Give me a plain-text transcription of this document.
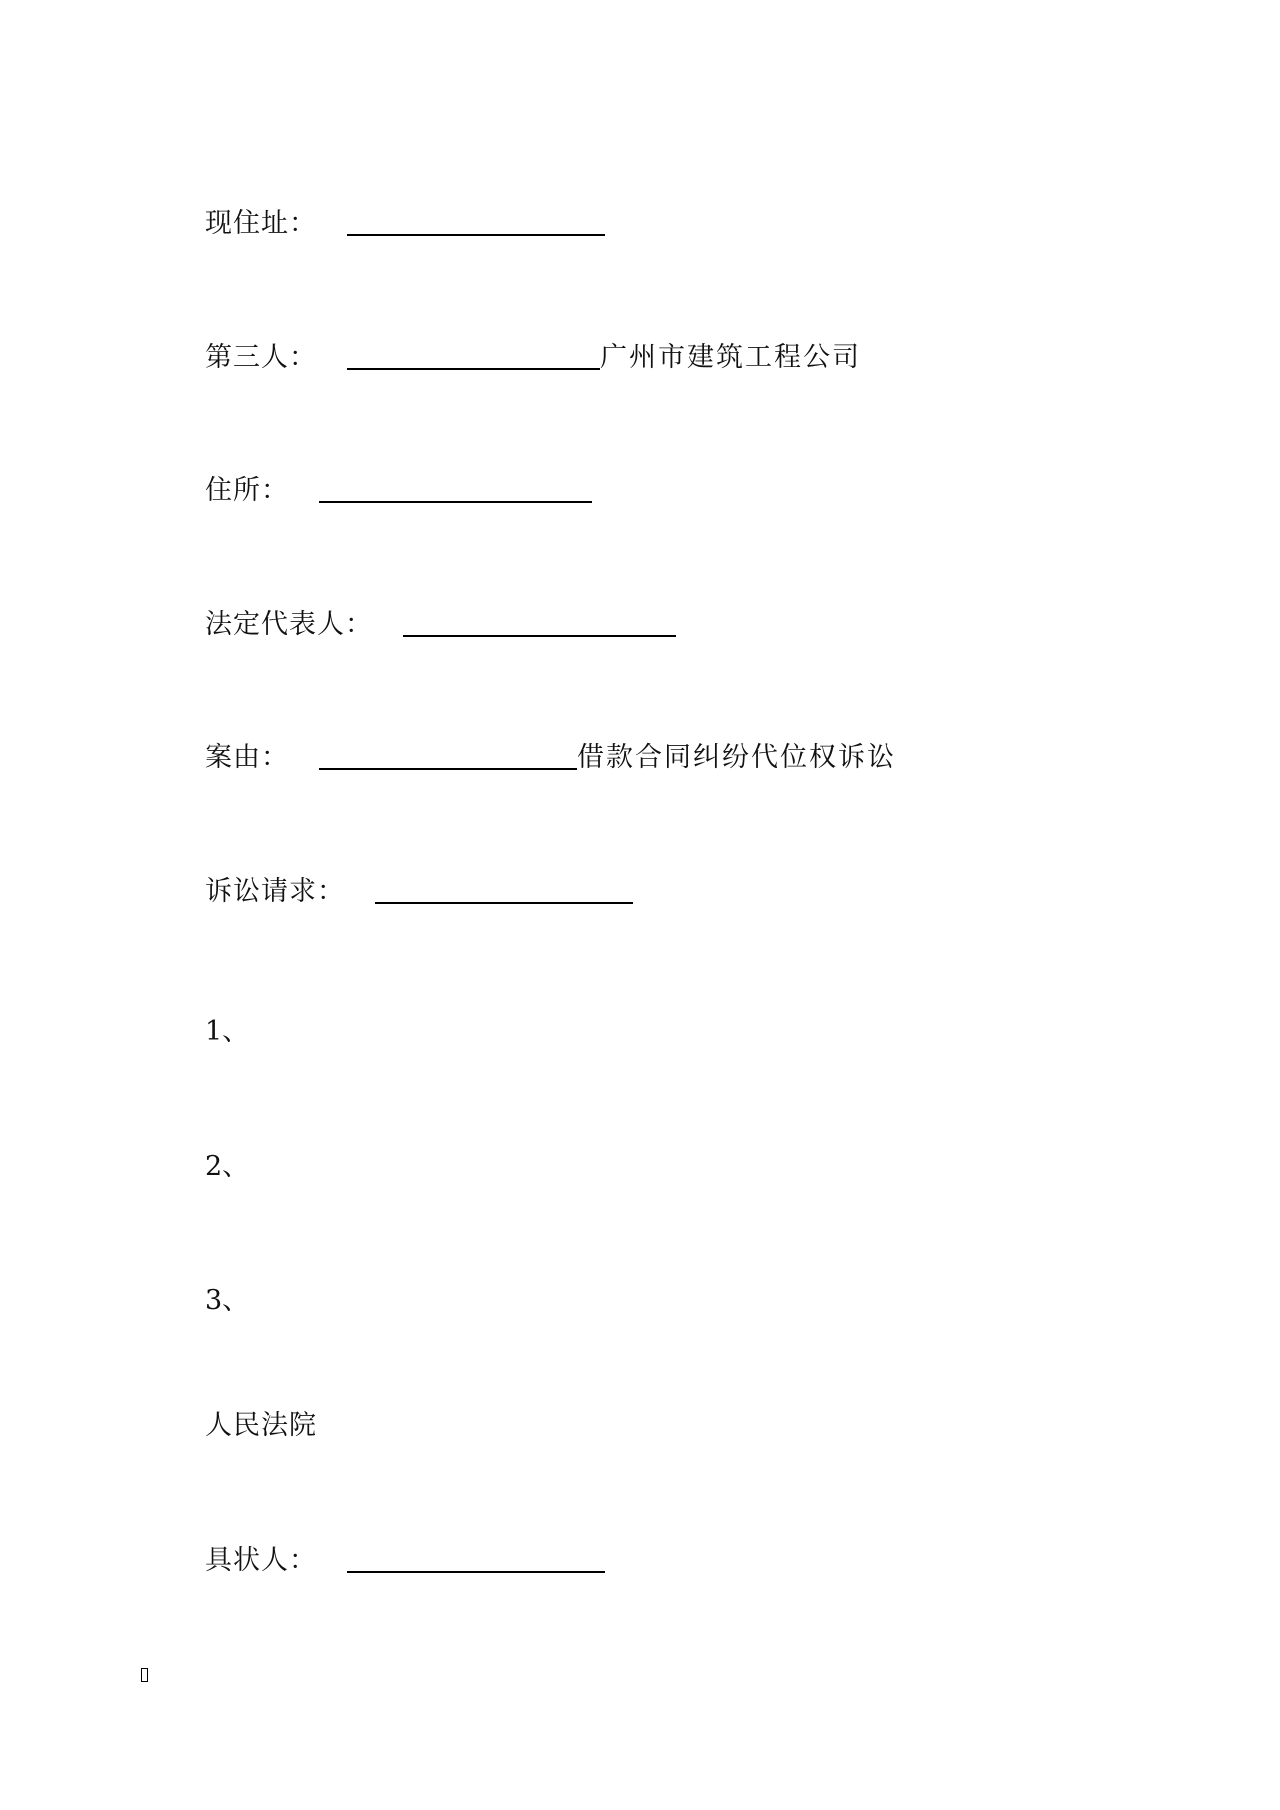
现住址：
第三人：	广州市建筑工程公司
住所：
法定代表人：
案由：	借款合同纠纷代位权诉讼
诉讼请求：
1、
2、
3、
人民法院
具状人：
